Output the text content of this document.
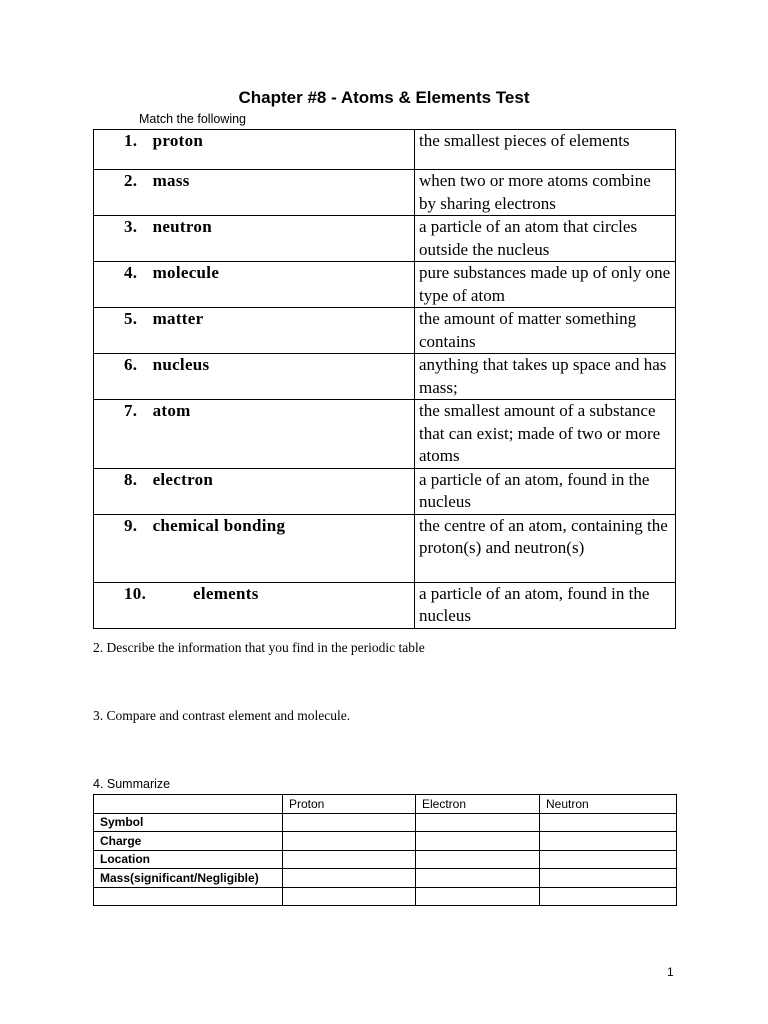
Chapter #8 - Atoms & Elements Test
Match the following
1. proton	the smallest pieces of elements
2. mass	when two or more atoms combine by sharing electrons
3. neutron	a particle of an atom that circles outside the nucleus
4. molecule	pure substances made up of only one type of atom
5. matter	the amount of matter something contains
6. nucleus	anything that takes up space and has mass;
7. atom	the smallest amount of a substance that can exist; made of two or more atoms
8. electron	a particle of an atom, found in the nucleus
9. chemical bonding	the centre of an atom, containing the proton(s) and neutron(s)
10. elements	a particle of an atom, found in the nucleus
2. Describe the information that you find in the periodic table
3. Compare and contrast element and molecule.
4. Summarize
	Proton	Electron	Neutron
Symbol			
Charge			
Location			
Mass(significant/Negligible)			

1
